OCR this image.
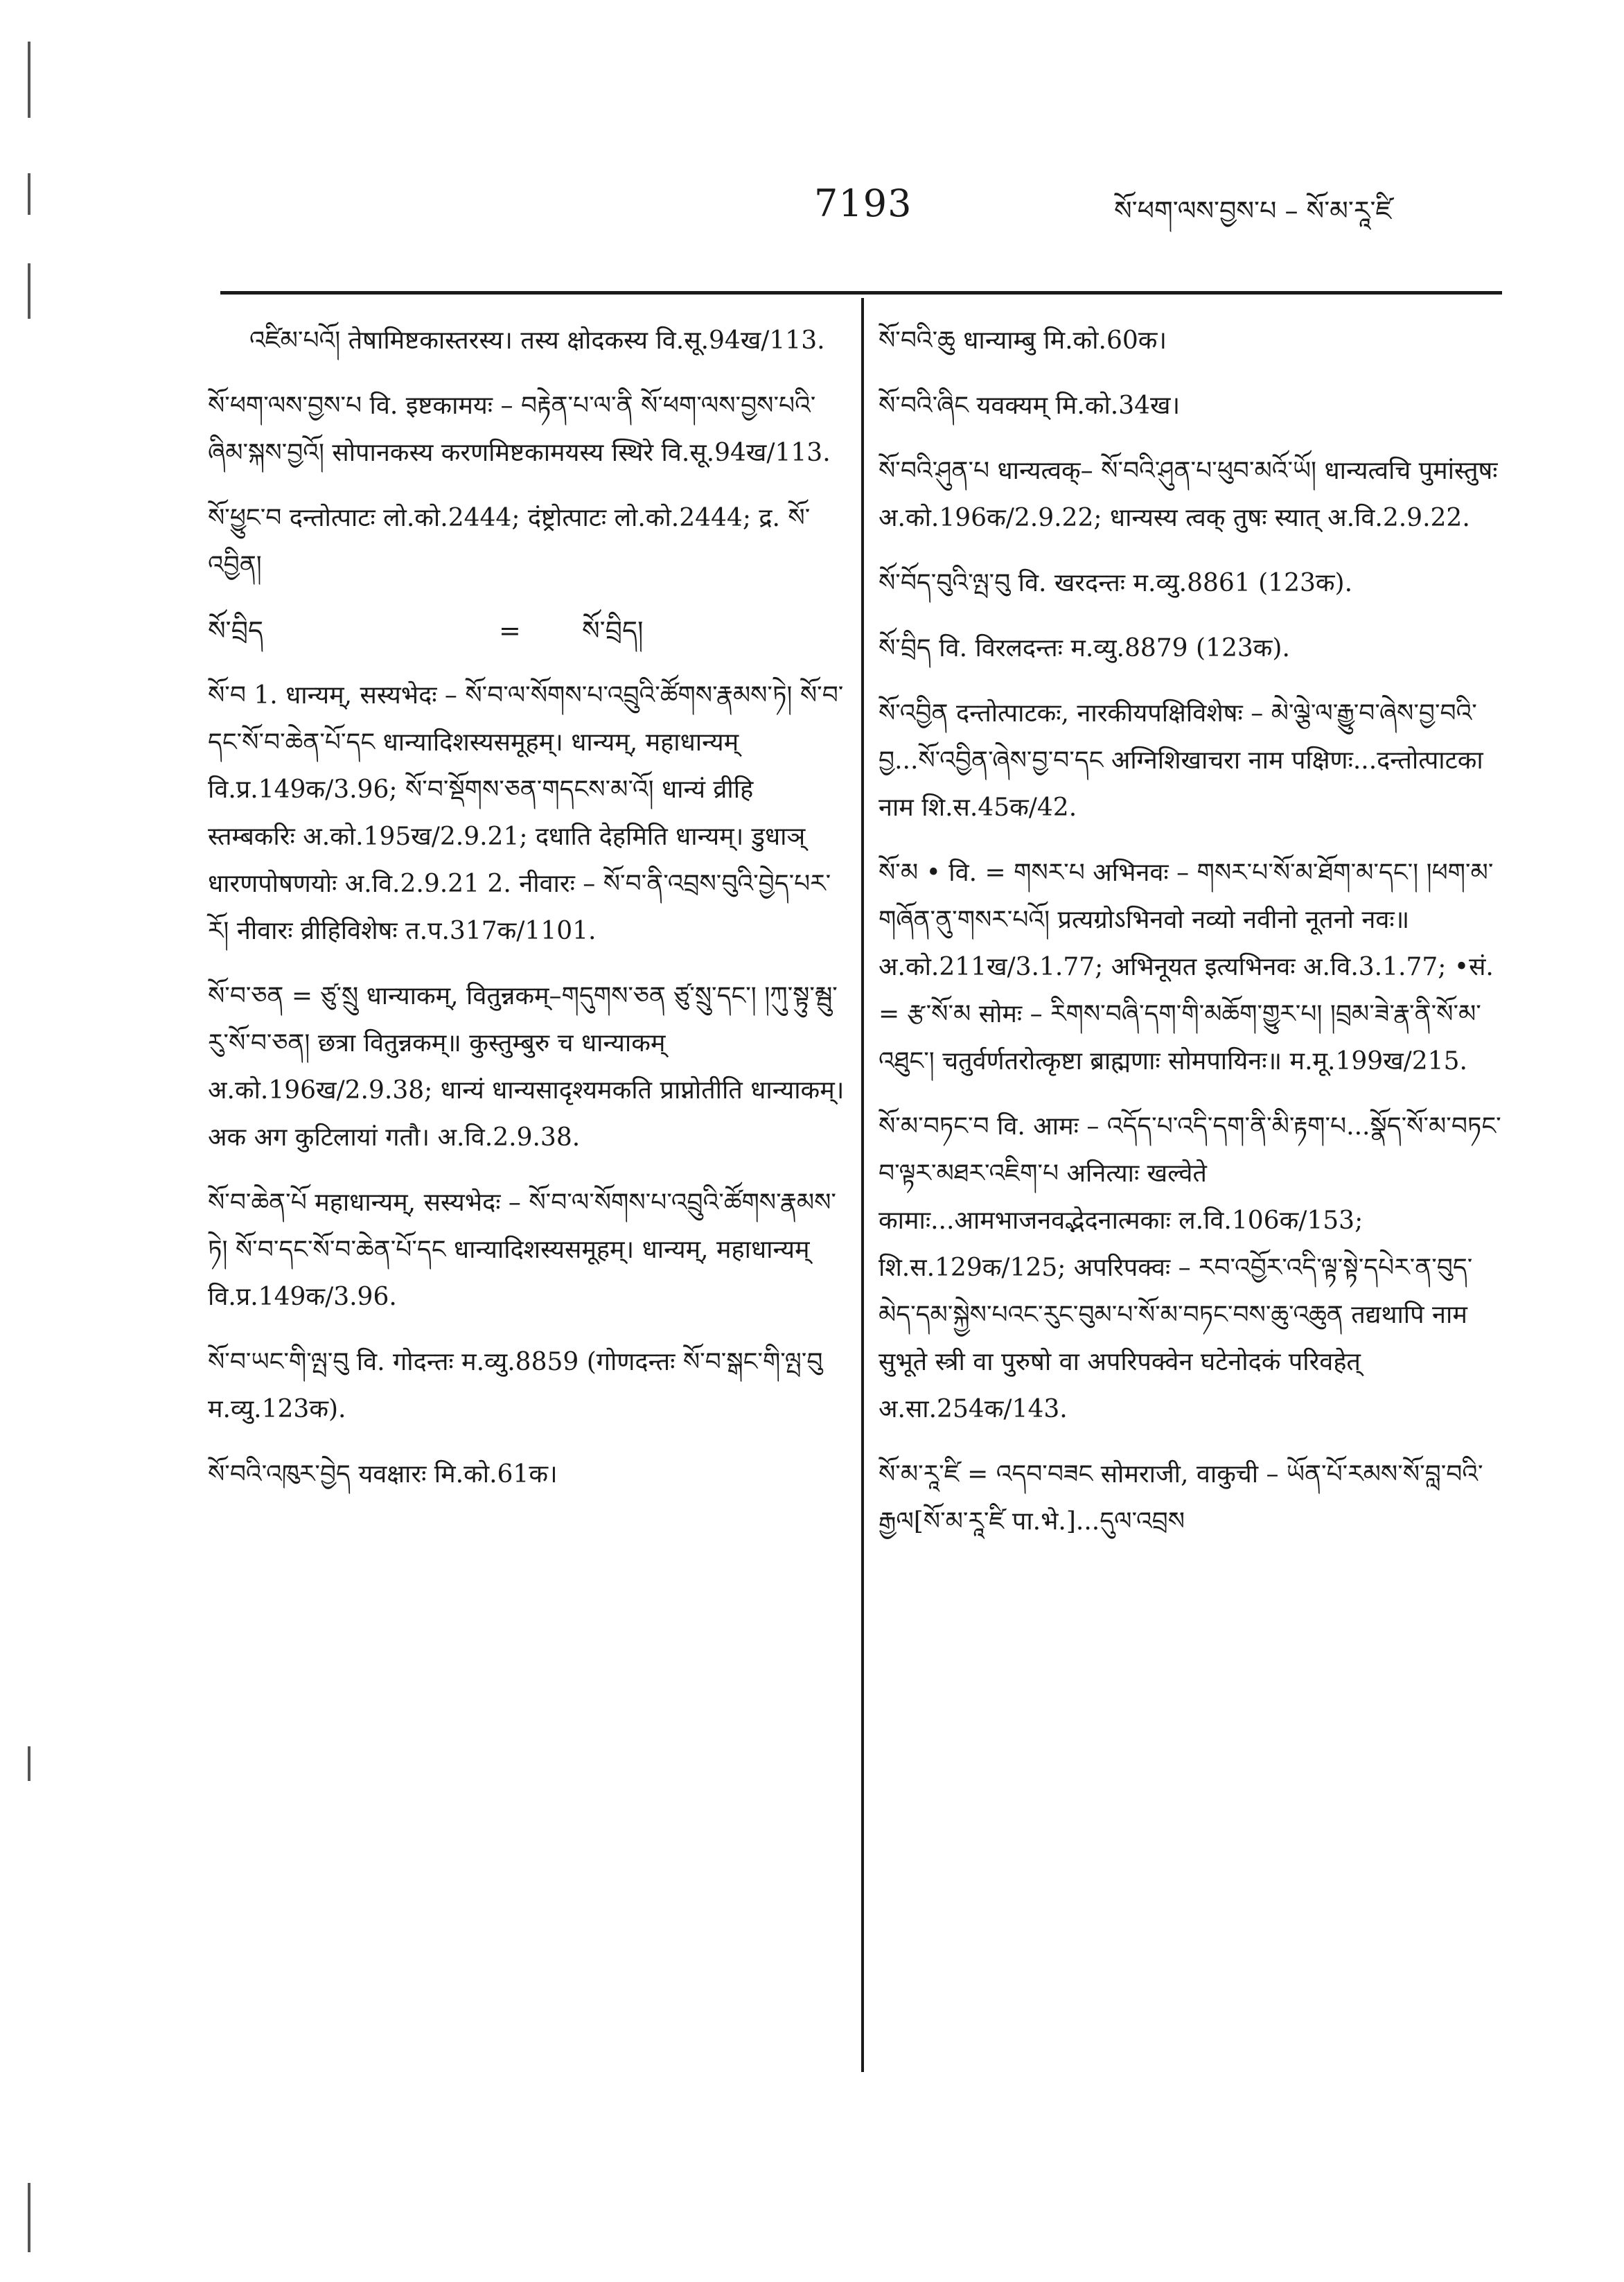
7193	སོ་ཕག་ལས་བྱས་པ – སོ་མ་རཱ་ཛི

འཛིམ་པའོ། तेषामिष्टकास्तरस्य। तस्य क्षोदकस्य वि.सू.94ख/113.

སོ་ཕག་ལས་བྱས་པ वि. इष्टकामयः – བརྟེན་པ་ལ་ནི སོ་ཕག་ལས་བྱས་པའི་ཞིམ་སྐས་བྱའོ། सोपानकस्य करणमिष्टकामयस्य स्थिरे वि.सू.94ख/113.

སོ་ཕྱུང་བ दन्तोत्पाटः लो.को.2444; दंष्ट्रोत्पाटः लो.को.2444; द्र. སོ་འབྱིན།

སོ་བྲིད	=	སོ་བྲིད།

སོ་བ 1. धान्यम्, सस्यभेदः – སོ་བ་ལ་སོགས་པ་འབྲུའི་ཚོགས་རྣམས་ཏེ། སོ་བ་དང་སོ་བ་ཆེན་པོ་དང धान्यादिशस्यसमूहम्। धान्यम्, महाधान्यम् वि.प्र.149क/3.96; སོ་བ་སྡོགས་ཅན་གདངས་མ་འོ། धान्यं व्रीहि स्तम्बकरिः अ.को.195ख/2.9.21; दधाति देहमिति धान्यम्। डुधाञ् धारणपोषणयोः अ.वि.2.9.21 2. नीवारः – སོ་བ་ནི་འབྲས་བུའི་བྱེད་པར་རོ། नीवारः व्रीहिविशेषः त.प.317क/1101.

སོ་བ་ཅན = ཙུ་སྲུ धान्याकम्, वितुन्नकम्–གདུགས་ཅན ཙུ་སྲུ་དང་། །ཀུ་སྟུ་མྦུ་རུ་སོ་བ་ཅན། छत्रा वितुन्नकम्॥ कुस्तुम्बुरु च धान्याकम् अ.को.196ख/2.9.38; धान्यं धान्यसादृश्यमकति प्राप्नोतीति धान्याकम्। अक अग कुटिलायां गतौ। अ.वि.2.9.38.

སོ་བ་ཆེན་པོ महाधान्यम्, सस्यभेदः – སོ་བ་ལ་སོགས་པ་འབྲུའི་ཚོགས་རྣམས་ཏེ། སོ་བ་དང་སོ་བ་ཆེན་པོ་དང धान्यादिशस्यसमूहम्। धान्यम्, महाधान्यम् वि.प्र.149क/3.96.

སོ་བ་ཡང་གི་ལྤ་བུ वि. गोदन्तः म.व्यु.8859 (गोणदन्तः སོ་བ་སྒང་གི་ལྤ་བུ म.व्यु.123क).

སོ་བའི་འཁུར་བྱེད यवक्षारः मि.को.61क।

སོ་བའི་ཆུ धान्याम्बु मि.को.60क।

སོ་བའི་ཞིང यवक्यम् मि.को.34ख।

སོ་བའི་ཤུན་པ धान्यत्वक्– སོ་བའི་ཤུན་པ་ཕུབ་མའོ་ཡོ། धान्यत्वचि पुमांस्तुषः अ.को.196क/2.9.22; धान्यस्य त्वक् तुषः स्यात् अ.वि.2.9.22.

སོ་བོད་བུའི་ལྤ་བུ वि. खरदन्तः म.व्यु.8861 (123क).

སོ་བྲིད वि. विरलदन्तः म.व्यु.8879 (123क).

སོ་འབྱིན दन्तोत्पाटकः, नारकीयपक्षिविशेषः – མེ་ལྕེ་ལ་རྒྱུ་བ་ཞེས་བྱ་བའི་བྱ...སོ་འབྱིན་ཞེས་བྱ་བ་དང अग्निशिखाचरा नाम पक्षिणः...दन्तोत्पाटका नाम शि.स.45क/42.

སོ་མ • वि. = གསར་པ अभिनवः – གསར་པ་སོ་མ་ཐོག་མ་དང་། །ཕག་མ་གཞོན་ནུ་གསར་པའོ། प्रत्यग्रोऽभिनवो नव्यो नवीनो नूतनो नवः॥ अ.को.211ख/3.1.77; अभिनूयत इत्यभिनवः अ.वि.3.1.77; •सं. = རྩ་སོ་མ सोमः – རིགས་བཞི་དག་གི་མཆོག་གྱུར་པ། །བྲམ་ཟེ་རྣ་ནི་སོ་མ་འཐུང་། चतुर्वर्णतरोत्कृष्टा ब्राह्मणाः सोमपायिनः॥ म.मू.199ख/215.

སོ་མ་བཏང་བ वि. आमः – འདོད་པ་འདི་དག་ནི་མི་རྟག་པ...སྣོད་སོ་མ་བཏང་བ་ལྟར་མཐར་འཇིག་པ अनित्याः खल्वेते कामाः...आमभाजनवद्भेदनात्मकाः ल.वि.106क/153; शि.स.129क/125; अपरिपक्वः – རབ་འབྱོར་འདི་ལྟ་སྟེ་དཔེར་ན་བུད་མེད་དམ་སྐྱེས་པའང་རུང་བུམ་པ་སོ་མ་བཏང་བས་ཆུ་འཆུན तद्यथापि नाम सुभूते स्त्री वा पुरुषो वा अपरिपक्वेन घटेनोदकं परिवहेत् अ.सा.254क/143.

སོ་མ་རཱ་ཛི = འདབ་བཟང सोमराजी, वाकुची – ཡོན་པོ་རམས་སོ་བླ་བའི་རྒྱལ[སོ་མ་རཱ་ཛི पा.भे.]...དུལ་འབྲས
